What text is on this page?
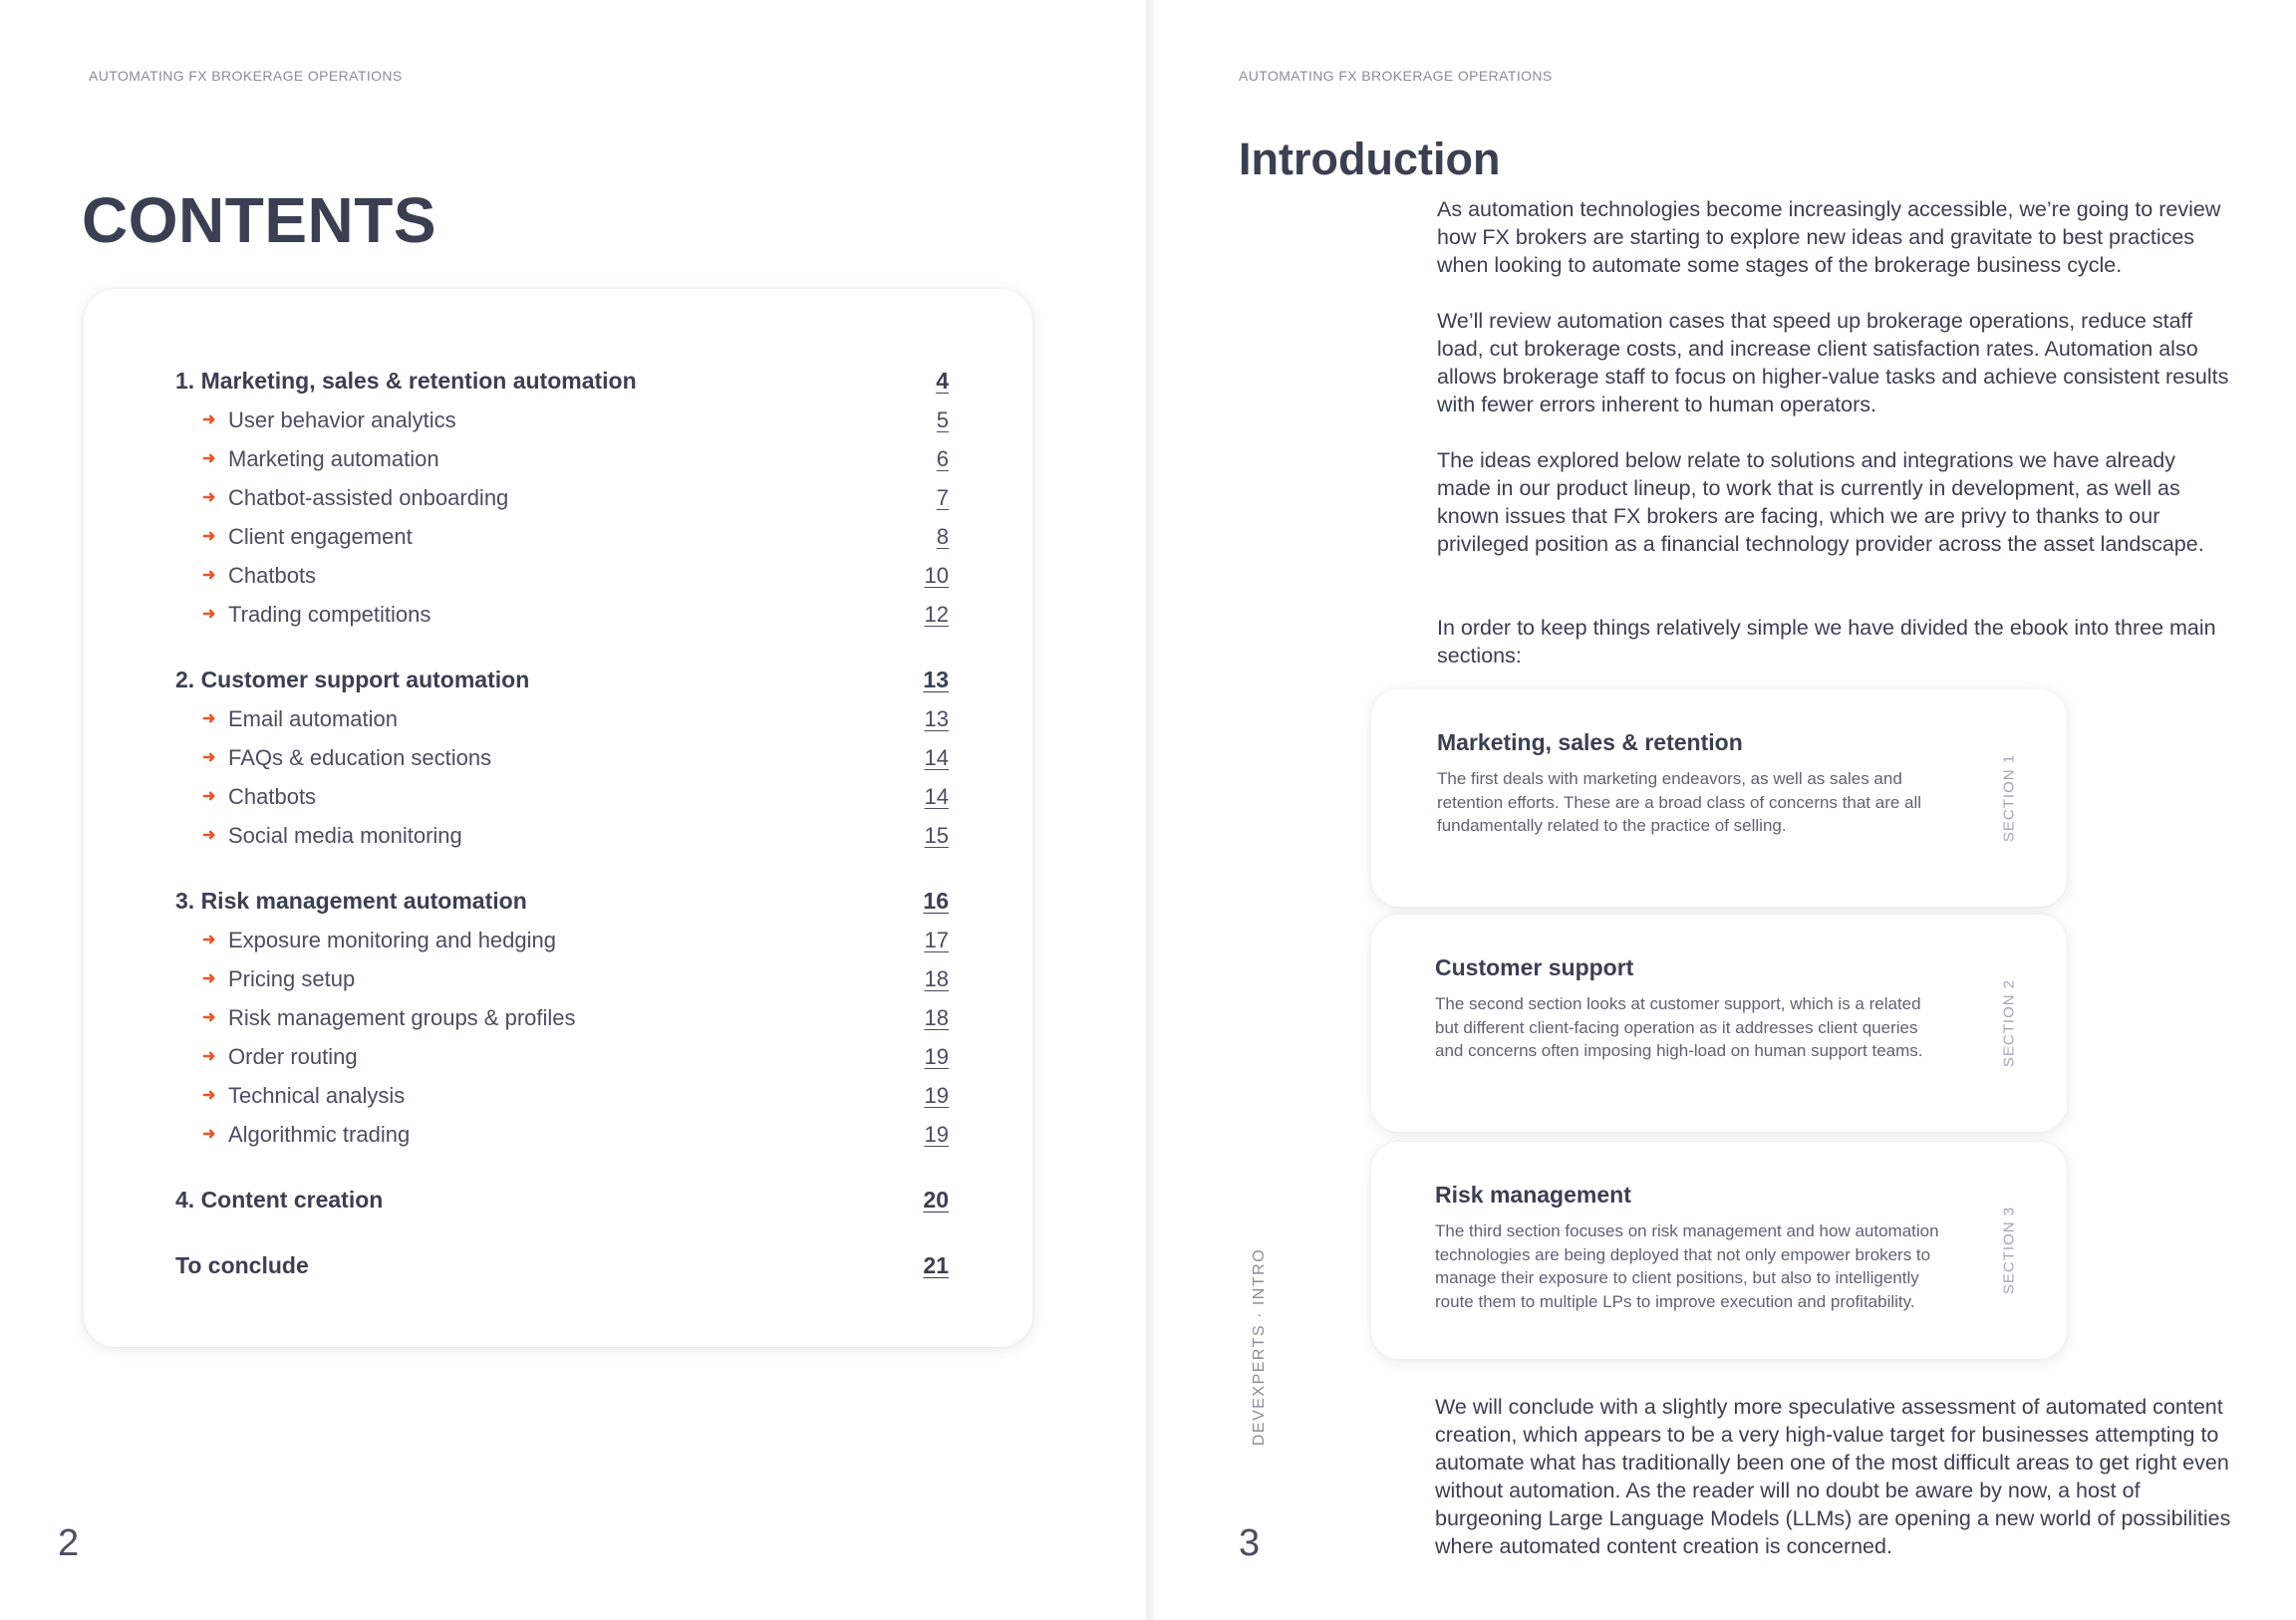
AUTOMATING FX BROKERAGE OPERATIONS
CONTENTS
1. Marketing, sales & retention automation	4
➜ User behavior analytics	5
➜ Marketing automation	6
➜ Chatbot-assisted onboarding	7
➜ Client engagement	8
➜ Chatbots	10
➜ Trading competitions	12
2. Customer support automation	13
➜ Email automation	13
➜ FAQs & education sections	14
➜ Chatbots	14
➜ Social media monitoring	15
3. Risk management automation	16
➜ Exposure monitoring and hedging	17
➜ Pricing setup	18
➜ Risk management groups & profiles	18
➜ Order routing	19
➜ Technical analysis	19
➜ Algorithmic trading	19
4. Content creation	20
To conclude	21
2
AUTOMATING FX BROKERAGE OPERATIONS
Introduction

As automation technologies become increasingly accessible, we’re going to review how FX brokers are starting to explore new ideas and gravitate to best practices when looking to automate some stages of the brokerage business cycle.

We’ll review automation cases that speed up brokerage operations, reduce staff load, cut brokerage costs, and increase client satisfaction rates. Automation also allows brokerage staff to focus on higher-value tasks and achieve consistent results with fewer errors inherent to human operators.

The ideas explored below relate to solutions and integrations we have already made in our product lineup, to work that is currently in development, as well as known issues that FX brokers are facing, which we are privy to thanks to our privileged position as a financial technology provider across the asset landscape.

In order to keep things relatively simple we have divided the ebook into three main sections:

Marketing, sales & retention

The first deals with marketing endeavors, as well as sales and retention efforts. These are a broad class of concerns that are all fundamentally related to the practice of selling.	SECTION 1
Customer support

The second section looks at customer support, which is a related but different client-facing operation as it addresses client queries and concerns often imposing high-load on human support teams.	SECTION 2
Risk management

The third section focuses on risk management and how automation technologies are being deployed that not only empower brokers to manage their exposure to client positions, but also to intelligently route them to multiple LPs to improve execution and profitability.

SECTION 3
DEVEXPERTS · INTRO	We will conclude with a slightly more speculative assessment of automated content creation, which appears to be a very high-value target for businesses attempting to automate what has traditionally been one of the most difficult areas to get right even without automation. As the reader will no doubt be aware by now, a host of burgeoning Large Language Models (LLMs) are opening a new world of possibilities where automated content creation is concerned.

3
